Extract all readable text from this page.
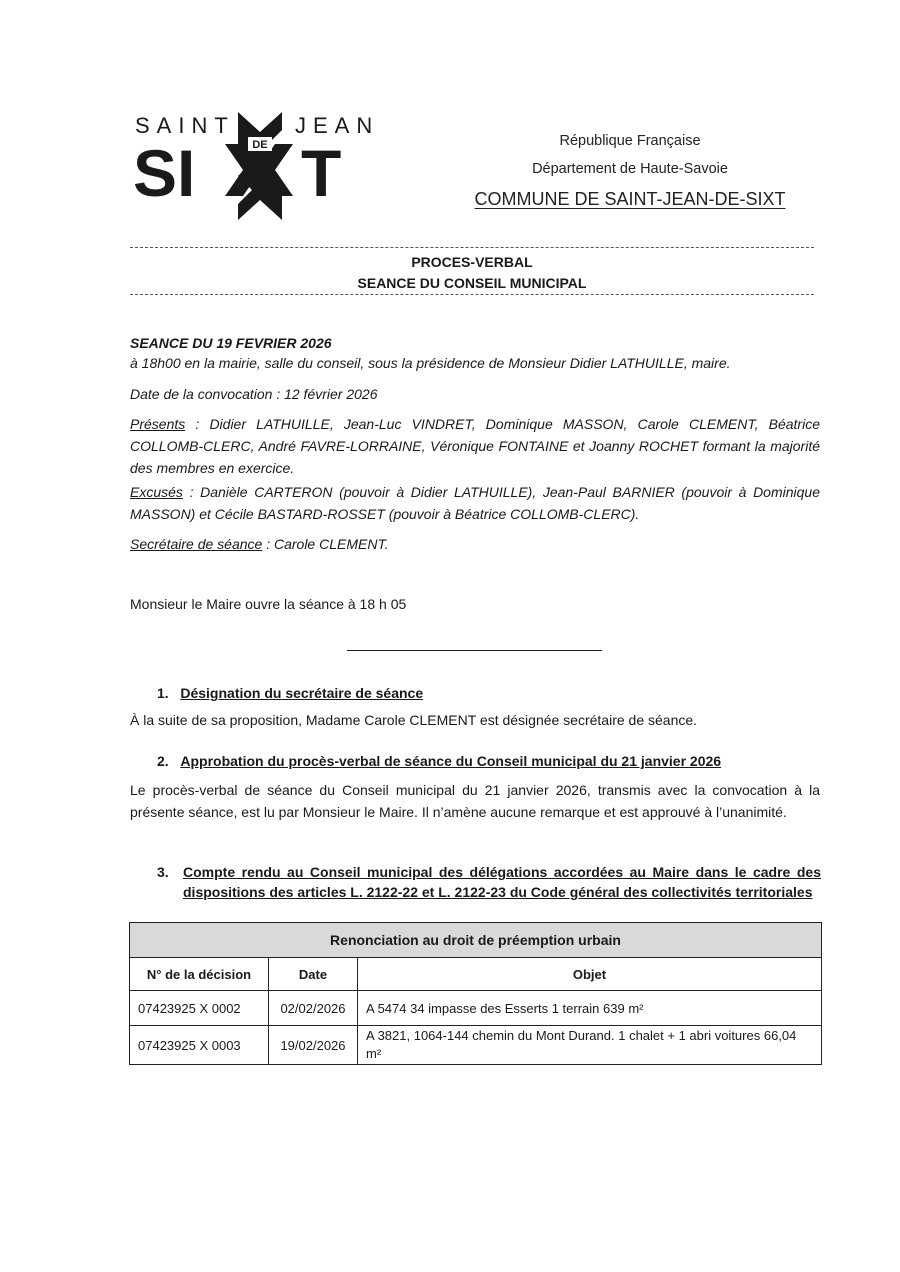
SAINT	JEAN
SI	DE T	République Française
Département de Haute-Savoie
COMMUNE DE SAINT-JEAN-DE-SIXT
PROCES-VERBAL
SEANCE DU CONSEIL MUNICIPAL
SEANCE DU 19 FEVRIER 2026
à 18h00 en la mairie, salle du conseil, sous la présidence de Monsieur Didier LATHUILLE, maire.
Date de la convocation : 12 février 2026
Présents : Didier LATHUILLE, Jean-Luc VINDRET, Dominique MASSON, Carole CLEMENT, Béatrice COLLOMB-CLERC, André FAVRE-LORRAINE, Véronique FONTAINE et Joanny ROCHET formant la majorité des membres en exercice.
Excusés : Danièle CARTERON (pouvoir à Didier LATHUILLE), Jean-Paul BARNIER (pouvoir à Dominique MASSON) et Cécile BASTARD-ROSSET (pouvoir à Béatrice COLLOMB-CLERC).
Secrétaire de séance : Carole CLEMENT.
Monsieur le Maire ouvre la séance à 18 h 05
1. Désignation du secrétaire de séance
À la suite de sa proposition, Madame Carole CLEMENT est désignée secrétaire de séance.
2. Approbation du procès-verbal de séance du Conseil municipal du 21 janvier 2026
Le procès-verbal de séance du Conseil municipal du 21 janvier 2026, transmis avec la convocation à la présente séance, est lu par Monsieur le Maire. Il n’amène aucune remarque et est approuvé à l’unanimité.
3.	Compte rendu au Conseil municipal des délégations accordées au Maire dans le cadre des dispositions des articles L. 2122-22 et L. 2122-23 du Code général des collectivités territoriales
Renonciation au droit de préemption urbain		
N° de la décision	Date	Objet
07423925 X 0002	02/02/2026	A 5474 34 impasse des Esserts 1 terrain 639 m²
07423925 X 0003	19/02/2026	A 3821, 1064-144 chemin du Mont Durand. 1 chalet + 1 abri voitures 66,04 m²
